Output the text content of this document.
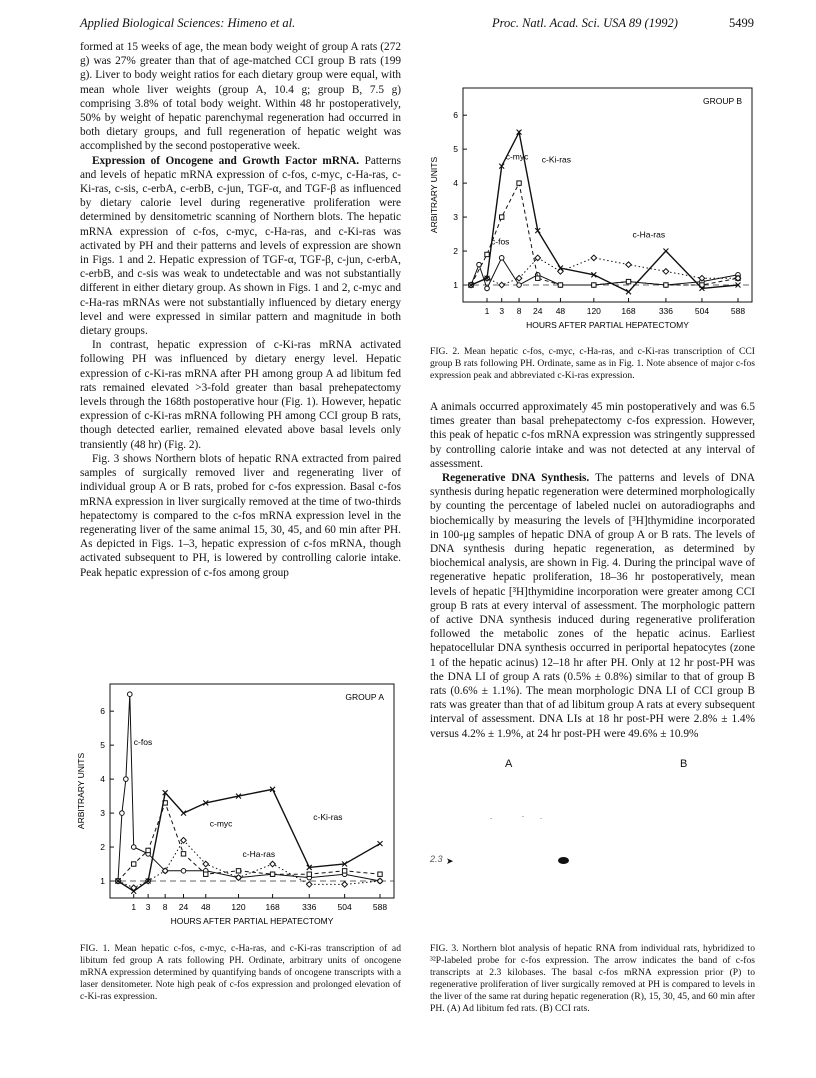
Applied Biological Sciences: Himeno et al.	Proc. Natl. Acad. Sci. USA 89 (1992)	5499

formed at 15 weeks of age, the mean body weight of group A rats (272 g) was 27% greater than that of age-matched CCI group B rats (199 g). Liver to body weight ratios for each dietary group were equal, with mean whole liver weights (group A, 10.4 g; group B, 7.5 g) comprising 3.8% of total body weight. Within 48 hr postoperatively, 50% by weight of hepatic parenchymal regeneration had occurred in both dietary groups, and full regeneration of hepatic weight was accomplished by the second postoperative week.

Expression of Oncogene and Growth Factor mRNA. Patterns and levels of hepatic mRNA expression of c-fos, c-myc, c-Ha-ras, c-Ki-ras, c-sis, c-erbA, c-erbB, c-jun, TGF-α, and TGF-β as influenced by dietary calorie level during regenerative proliferation were determined by densitometric scanning of Northern blots. The hepatic mRNA expression of c-fos, c-myc, c-Ha-ras, and c-Ki-ras was activated by PH and their patterns and levels of expression are shown in Figs. 1 and 2. Hepatic expression of TGF-α, TGF-β, c-jun, c-erbA, c-erbB, and c-sis was weak to undetectable and was not substantially different in either dietary group. As shown in Figs. 1 and 2, c-myc and c-Ha-ras mRNAs were not substantially influenced by dietary energy level and were expressed in similar pattern and magnitude in both dietary groups.

In contrast, hepatic expression of c-Ki-ras mRNA activated following PH was influenced by dietary energy level. Hepatic expression of c-Ki-ras mRNA after PH among group A ad libitum fed rats remained elevated >3-fold greater than basal prehepatectomy levels through the 168th postoperative hour (Fig. 1). However, hepatic expression of c-Ki-ras mRNA following PH among CCI group B rats, though detected earlier, remained elevated above basal levels only transiently (48 hr) (Fig. 2).

Fig. 3 shows Northern blots of hepatic RNA extracted from paired samples of surgically removed liver and regenerating liver of individual group A or B rats, probed for c-fos expression. Basal c-fos mRNA expression in liver surgically removed at the time of two-thirds hepatectomy is compared to the c-fos mRNA expression level in the regenerating liver of the same animal 15, 30, 45, and 60 min after PH. As depicted in Figs. 1–3, hepatic expression of c-fos mRNA, though activated subsequent to PH, is lowered by controlling calorie intake. Peak hepatic expression of c-fos among group

GROUP A
1
2
3
4
5
6
ARBITRARY UNITS
1 3 8 24 48 120 168	336 504 588
HOURS AFTER PARTIAL HEPATECTOMY
c-fos
c-myc
c-Ha-ras
c-Ki-ras
FIG. 1. Mean hepatic c-fos, c-myc, c-Ha-ras, and c-Ki-ras transcription of ad libitum fed group A rats following PH. Ordinate, arbitrary units of oncogene mRNA expression determined by quantifying bands of oncogene transcripts with a laser densitometer. Note high peak of c-fos expression and prolonged elevation of c-Ki-ras expression.
GROUP B
1
2
3
4
5
6
ARBITRARY UNITS
1 3 8 24 48	120 168	336	504	588
HOURS AFTER PARTIAL HEPATECTOMY
c-fos
c-myc
c-Ha-ras
c-Ki-ras
FIG. 2. Mean hepatic c-fos, c-myc, c-Ha-ras, and c-Ki-ras transcription of CCI group B rats following PH. Ordinate, same as in Fig. 1. Note absence of major c-fos expression peak and abbreviated c-Ki-ras expression.

A animals occurred approximately 45 min postoperatively and was 6.5 times greater than basal prehepatectomy c-fos expression. However, this peak of hepatic c-fos mRNA expression was stringently suppressed by controlling calorie intake and was not detected at any interval of assessment.

Regenerative DNA Synthesis. The patterns and levels of DNA synthesis during hepatic regeneration were determined morphologically by counting the percentage of labeled nuclei on autoradiographs and biochemically by measuring the levels of [³H]thymidine incorporated in 100-μg samples of hepatic DNA of group A or B rats. The levels of DNA synthesis during hepatic regeneration, as determined by biochemical analysis, are shown in Fig. 4. During the principal wave of regenerative hepatic proliferation, 18–36 hr postoperatively, mean levels of hepatic [³H]thymidine incorporation were greater among CCI group B rats at every interval of assessment. The morphologic pattern of active DNA synthesis induced during regenerative proliferation followed the metabolic zones of the hepatic acinus. Earliest hepatocellular DNA synthesis occurred in periportal hepatocytes (zone 1 of the hepatic acinus) 12–18 hr after PH. Only at 12 hr post-PH was the DNA LI of group A rats (0.5% ± 0.8%) similar to that of group B rats (0.6% ± 1.1%). The mean morphologic DNA LI of CCI group B rats was greater than that of ad libitum group A rats at every subsequent interval of assessment. DNA LIs at 18 hr post-PH were 2.8% ± 1.4% versus 4.2% ± 1.9%, at 24 hr post-PH were 49.6% ± 10.9%

A	B
2.3 ➤
FIG. 3. Northern blot analysis of hepatic RNA from individual rats, hybridized to ³²P-labeled probe for c-fos expression. The arrow indicates the band of c-fos transcripts at 2.3 kilobases. The basal c-fos mRNA expression prior (P) to regenerative proliferation of liver surgically removed at PH is compared to levels in the liver of the same rat during hepatic regeneration (R), 15, 30, 45, and 60 min after PH. (A) Ad libitum fed rats. (B) CCI rats.
